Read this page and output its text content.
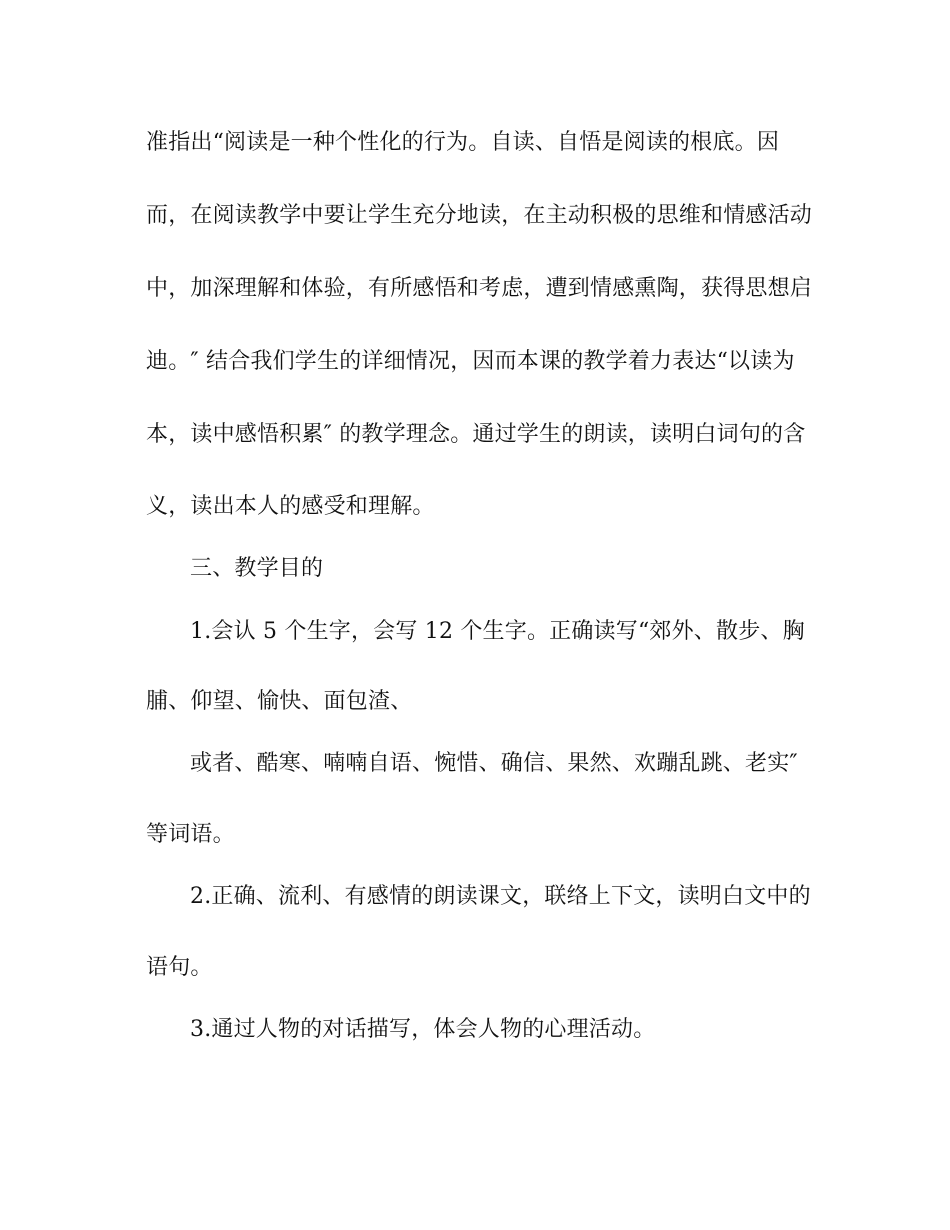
准指出“阅读是一种个性化的行为。自读、自悟是阅读的根底。因
而，在阅读教学中要让学生充分地读，在主动积极的思维和情感活动
中，加深理解和体验，有所感悟和考虑，遭到情感熏陶，获得思想启
迪。″ 结合我们学生的详细情况，因而本课的教学着力表达“以读为
本，读中感悟积累″ 的教学理念。通过学生的朗读，读明白词句的含
义，读出本人的感受和理解。
三、教学目的
1.会认 5 个生字，会写 12 个生字。正确读写“郊外、散步、胸
脯、仰望、愉快、面包渣、
或者、酷寒、喃喃自语、惋惜、确信、果然、欢蹦乱跳、老实″
等词语。
2.正确、流利、有感情的朗读课文，联络上下文，读明白文中的
语句。
3.通过人物的对话描写，体会人物的心理活动。
